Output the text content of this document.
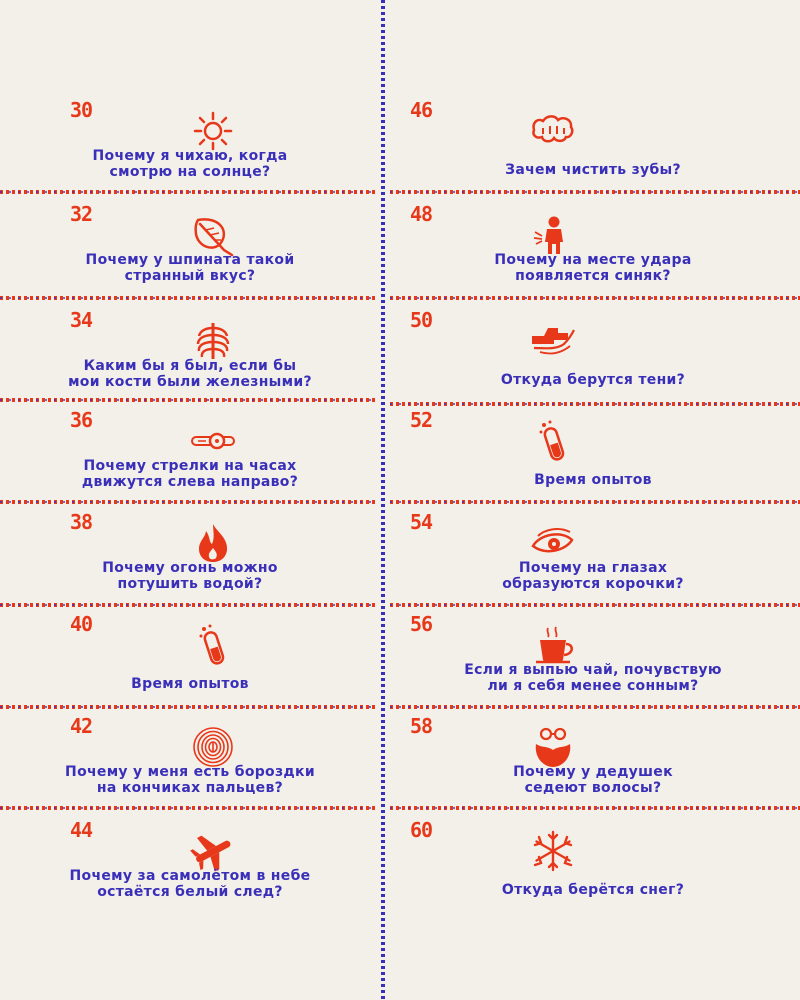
30
Почему я чихаю, когда
смотрю на солнце?
32
Почему у шпината такой
странный вкус?
34
Каким бы я был, если бы
мои кости были железными?
36
Почему стрелки на часах
движутся слева направо?
38
Почему огонь можно
потушить водой?
40
Время опытов
42
Почему у меня есть бороздки
на кончиках пальцев?
44
Почему за самолётом в небе
остаётся белый след?
46
Зачем чистить зубы?
48
Почему на месте удара
появляется синяк?
50
Откуда берутся тени?
52
Время опытов
54
Почему на глазах
образуются корочки?
56
Если я выпью чай, почувствую
ли я себя менее сонным?
58
Почему у дедушек
седеют волосы?
60
Откуда берётся снег?
